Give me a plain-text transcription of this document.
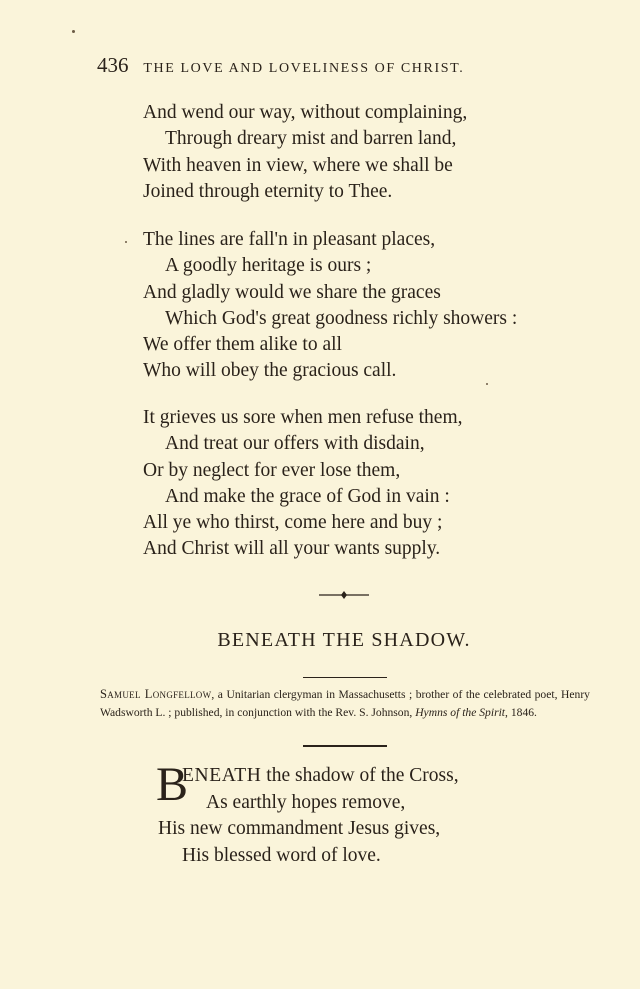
436 THE LOVE AND LOVELINESS OF CHRIST.
And wend our way, without complaining,
Through dreary mist and barren land,
With heaven in view, where we shall be
Joined through eternity to Thee.
The lines are fall'n in pleasant places,
A goodly heritage is ours ;
And gladly would we share the graces
Which God's great goodness richly showers :
We offer them alike to all
Who will obey the gracious call.
It grieves us sore when men refuse them,
And treat our offers with disdain,
Or by neglect for ever lose them,
And make the grace of God in vain :
All ye who thirst, come here and buy ;
And Christ will all your wants supply.
BENEATH THE SHADOW.
Samuel Longfellow, a Unitarian clergyman in Massachusetts ; brother of the celebrated poet, Henry Wadsworth L. ; published, in conjunction with the Rev. S. Johnson, Hymns of the Spirit, 1846.
B
ENEATH the shadow of the Cross,
As earthly hopes remove,
His new commandment Jesus gives,
His blessed word of love.
